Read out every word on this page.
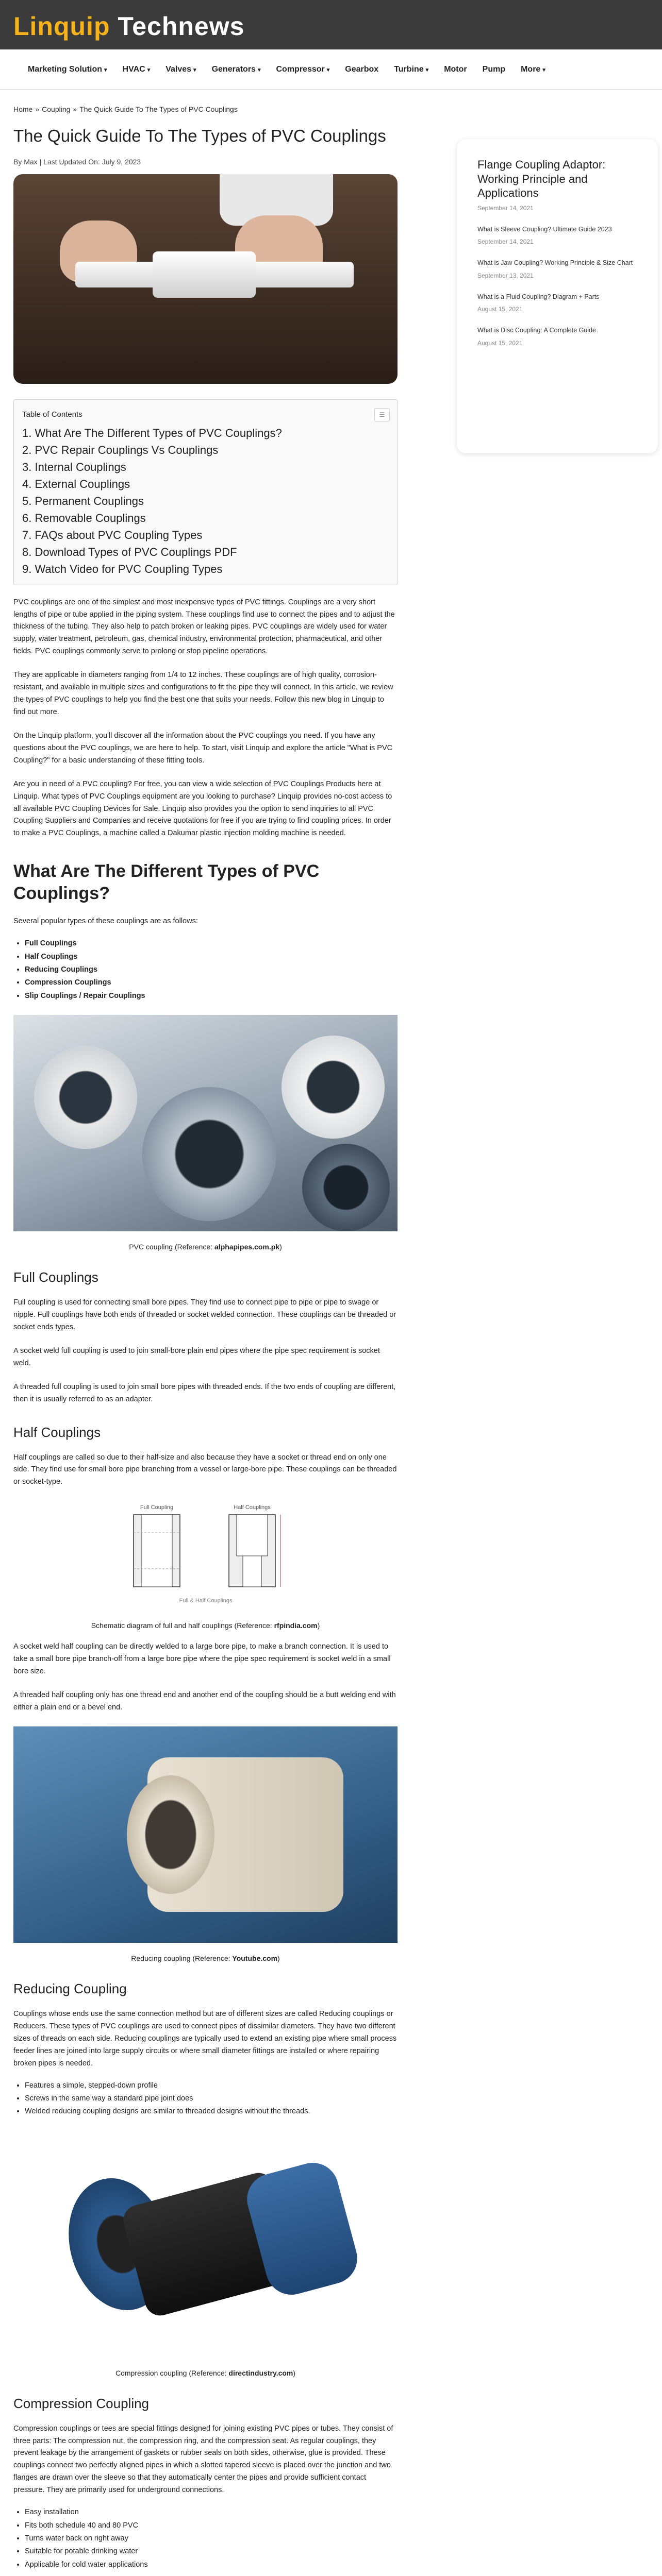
Linquip Technews
Marketing Solution ▾ HVAC ▾ Valves ▾ Generators ▾ Compressor ▾ Gearbox Turbine ▾ Motor Pump More ▾
Home » Coupling » The Quick Guide To The Types of PVC Couplings
The Quick Guide To The Types of PVC Couplings
By Max | Last Updated On: July 9, 2023
Table of Contents	☰
1. What Are The Different Types of PVC Couplings?
2. PVC Repair Couplings Vs Couplings
3. Internal Couplings
4. External Couplings
5. Permanent Couplings
6. Removable Couplings
7. FAQs about PVC Coupling Types
8. Download Types of PVC Couplings PDF
9. Watch Video for PVC Coupling Types

PVC couplings are one of the simplest and most inexpensive types of PVC fittings. Couplings are a very short lengths of pipe or tube applied in the piping system. These couplings find use to connect the pipes and to adjust the thickness of the tubing. They also help to patch broken or leaking pipes. PVC couplings are widely used for water supply, water treatment, petroleum, gas, chemical industry, environmental protection, pharmaceutical, and other fields. PVC couplings commonly serve to prolong or stop pipeline operations.

They are applicable in diameters ranging from 1/4 to 12 inches. These couplings are of high quality, corrosion-resistant, and available in multiple sizes and configurations to fit the pipe they will connect. In this article, we review the types of PVC couplings to help you find the best one that suits your needs. Follow this new blog in Linquip to find out more.

On the Linquip platform, you'll discover all the information about the PVC couplings you need. If you have any questions about the PVC couplings, we are here to help. To start, visit Linquip and explore the article "What is PVC Coupling?" for a basic understanding of these fitting tools.

Are you in need of a PVC coupling? For free, you can view a wide selection of PVC Couplings Products here at Linquip. What types of PVC Couplings equipment are you looking to purchase? Linquip provides no-cost access to all available PVC Coupling Devices for Sale. Linquip also provides you the option to send inquiries to all PVC Coupling Suppliers and Companies and receive quotations for free if you are trying to find coupling prices. In order to make a PVC Couplings, a machine called a Dakumar plastic injection molding machine is needed.

What Are The Different Types of PVC Couplings?

Several popular types of these couplings are as follows:

• Full Couplings
• Half Couplings
• Reducing Couplings
• Compression Couplings
• Slip Couplings / Repair Couplings
PVC coupling (Reference: alphapipes.com.pk)
Full Couplings

Full coupling is used for connecting small bore pipes. They find use to connect pipe to pipe or pipe to swage or nipple. Full couplings have both ends of threaded or socket welded connection. These couplings can be threaded or socket ends types.

A socket weld full coupling is used to join small-bore plain end pipes where the pipe spec requirement is socket weld.

A threaded full coupling is used to join small bore pipes with threaded ends. If the two ends of coupling are different, then it is usually referred to as an adapter.

Half Couplings

Half couplings are called so due to their half-size and also because they have a socket or thread end on only one side. They find use for small bore pipe branching from a vessel or large-bore pipe. These couplings can be threaded or socket-type.

Full Coupling	Half Couplings
Full & Half Couplings
Schematic diagram of full and half couplings (Reference: rfpindia.com)

A socket weld half coupling can be directly welded to a large bore pipe, to make a branch connection. It is used to take a small bore pipe branch-off from a large bore pipe where the pipe spec requirement is socket weld in a small bore size.

A threaded half coupling only has one thread end and another end of the coupling should be a butt welding end with either a plain end or a bevel end.

Reducing coupling (Reference: Youtube.com)
Reducing Coupling

Couplings whose ends use the same connection method but are of different sizes are called Reducing couplings or Reducers. These types of PVC couplings are used to connect pipes of dissimilar diameters. They have two different sizes of threads on each side. Reducing couplings are typically used to extend an existing pipe where small process feeder lines are joined into large supply circuits or where small diameter fittings are installed or where repairing broken pipes is needed.

• Features a simple, stepped-down profile
• Screws in the same way a standard pipe joint does
• Welded reducing coupling designs are similar to threaded designs without the threads.
Compression coupling (Reference: directindustry.com)
Compression Coupling

Compression couplings or tees are special fittings designed for joining existing PVC pipes or tubes. They consist of three parts: The compression nut, the compression ring, and the compression seat. As regular couplings, they prevent leakage by the arrangement of gaskets or rubber seals on both sides, otherwise, glue is provided. These couplings connect two perfectly aligned pipes in which a slotted tapered sleeve is placed over the junction and two flanges are drawn over the sleeve so that they automatically center the pipes and provide sufficient contact pressure. They are primarily used for underground connections.

• Easy installation
• Fits both schedule 40 and 80 PVC
• Turns water back on right away
• Suitable for potable drinking water
• Applicable for cold water applications

Flange Coupling Adaptor: Working Principle and Applications
September 14, 2021
What is Sleeve Coupling? Ultimate Guide 2023
September 14, 2021
What is Jaw Coupling? Working Principle & Size Chart
September 13, 2021
What is a Fluid Coupling? Diagram + Parts
August 15, 2021
What is Disc Coupling: A Complete Guide
August 15, 2021
